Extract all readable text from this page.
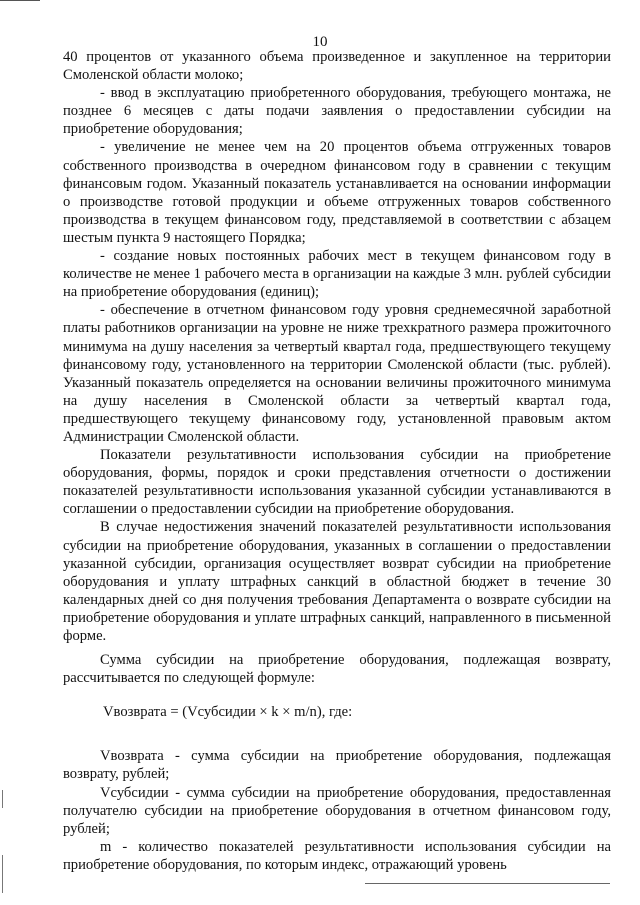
10

40 процентов от указанного объема произведенное и закупленное на территории Смоленской области молоко;

- ввод в эксплуатацию приобретенного оборудования, требующего монтажа, не позднее 6 месяцев с даты подачи заявления о предоставлении субсидии на приобретение оборудования;

- увеличение не менее чем на 20 процентов объема отгруженных товаров собственного производства в очередном финансовом году в сравнении с текущим финансовым годом. Указанный показатель устанавливается на основании информации о производстве готовой продукции и объеме отгруженных товаров собственного производства в текущем финансовом году, представляемой в соответствии с абзацем шестым пункта 9 настоящего Порядка;

- создание новых постоянных рабочих мест в текущем финансовом году в количестве не менее 1 рабочего места в организации на каждые 3 млн. рублей субсидии на приобретение оборудования (единиц);

- обеспечение в отчетном финансовом году уровня среднемесячной заработной платы работников организации на уровне не ниже трехкратного размера прожиточного минимума на душу населения за четвертый квартал года, предшествующего текущему финансовому году, установленного на территории Смоленской области (тыс. рублей). Указанный показатель определяется на основании величины прожиточного минимума на душу населения в Смоленской области за четвертый квартал года, предшествующего текущему финансовому году, установленной правовым актом Администрации Смоленской области.

Показатели результативности использования субсидии на приобретение оборудования, формы, порядок и сроки представления отчетности о достижении показателей результативности использования указанной субсидии устанавливаются в соглашении о предоставлении субсидии на приобретение оборудования.

В случае недостижения значений показателей результативности использования субсидии на приобретение оборудования, указанных в соглашении о предоставлении указанной субсидии, организация осуществляет возврат субсидии на приобретение оборудования и уплату штрафных санкций в областной бюджет в течение 30 календарных дней со дня получения требования Департамента о возврате субсидии на приобретение оборудования и уплате штрафных санкций, направленного в письменной форме.

Сумма субсидии на приобретение оборудования, подлежащая возврату, рассчитывается по следующей формуле:

Vвозврата = (Vсубсидии × k × m/n), где:

Vвозврата - сумма субсидии на приобретение оборудования, подлежащая возврату, рублей;

Vсубсидии - сумма субсидии на приобретение оборудования, предоставленная получателю субсидии на приобретение оборудования в отчетном финансовом году, рублей;

m - количество показателей результативности использования субсидии на приобретение оборудования, по которым индекс, отражающий уровень
